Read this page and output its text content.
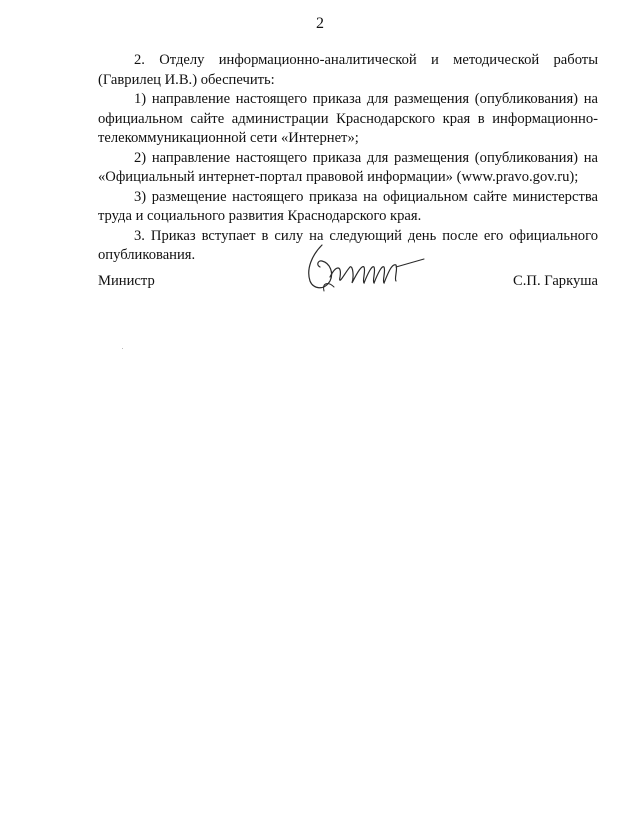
2

2. Отделу информационно-аналитической и методической работы (Гаврилец И.В.) обеспечить:

1) направление настоящего приказа для размещения (опубликования) на официальном сайте администрации Краснодарского края в информационно-телекоммуникационной сети «Интернет»;

2) направление настоящего приказа для размещения (опубликования) на «Официальный интернет-портал правовой информации» (www.pravo.gov.ru);

3) размещение настоящего приказа на официальном сайте министерства труда и социального развития Краснодарского края.

3. Приказ вступает в силу на следующий день после его официального опубликования.

Министр	С.П. Гаркуша
